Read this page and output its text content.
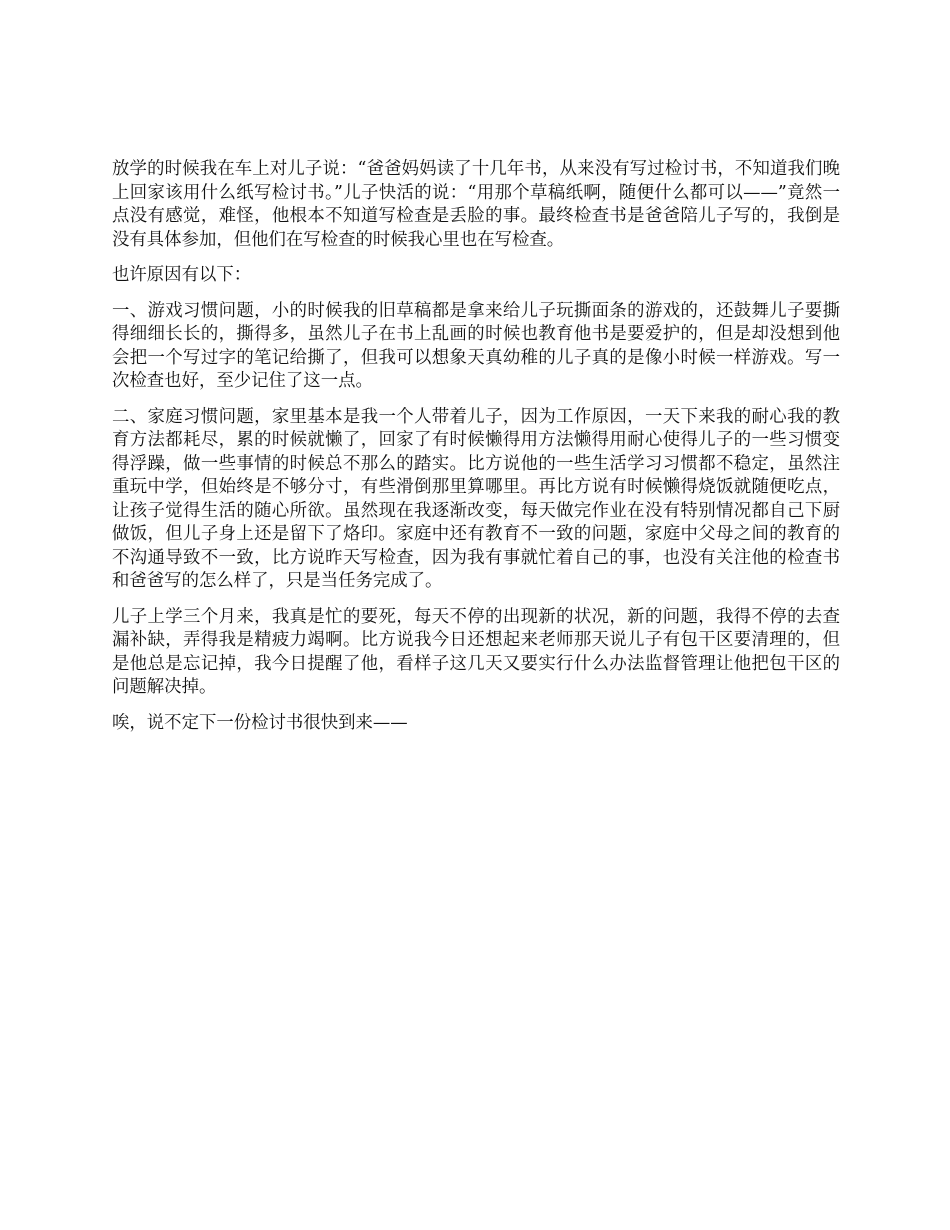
放学的时候我在车上对儿子说：“爸爸妈妈读了十几年书，从来没有写过检讨书，不知道我们晚上回家该用什么纸写检讨书。”儿子快活的说：“用那个草稿纸啊，随便什么都可以——”竟然一点没有感觉，难怪，他根本不知道写检查是丢脸的事。最终检查书是爸爸陪儿子写的，我倒是没有具体参加，但他们在写检查的时候我心里也在写检查。

也许原因有以下：

一、游戏习惯问题，小的时候我的旧草稿都是拿来给儿子玩撕面条的游戏的，还鼓舞儿子要撕得细细长长的，撕得多，虽然儿子在书上乱画的时候也教育他书是要爱护的，但是却没想到他会把一个写过字的笔记给撕了，但我可以想象天真幼稚的儿子真的是像小时候一样游戏。写一次检查也好，至少记住了这一点。

二、家庭习惯问题，家里基本是我一个人带着儿子，因为工作原因，一天下来我的耐心我的教育方法都耗尽，累的时候就懒了，回家了有时候懒得用方法懒得用耐心使得儿子的一些习惯变得浮躁，做一些事情的时候总不那么的踏实。比方说他的一些生活学习习惯都不稳定，虽然注重玩中学，但始终是不够分寸，有些滑倒那里算哪里。再比方说有时候懒得烧饭就随便吃点，让孩子觉得生活的随心所欲。虽然现在我逐渐改变，每天做完作业在没有特别情况都自己下厨做饭，但儿子身上还是留下了烙印。家庭中还有教育不一致的问题，家庭中父母之间的教育的不沟通导致不一致，比方说昨天写检查，因为我有事就忙着自己的事，也没有关注他的检查书和爸爸写的怎么样了，只是当任务完成了。

儿子上学三个月来，我真是忙的要死，每天不停的出现新的状况，新的问题，我得不停的去查漏补缺，弄得我是精疲力竭啊。比方说我今日还想起来老师那天说儿子有包干区要清理的，但是他总是忘记掉，我今日提醒了他，看样子这几天又要实行什么办法监督管理让他把包干区的问题解决掉。

唉，说不定下一份检讨书很快到来——
